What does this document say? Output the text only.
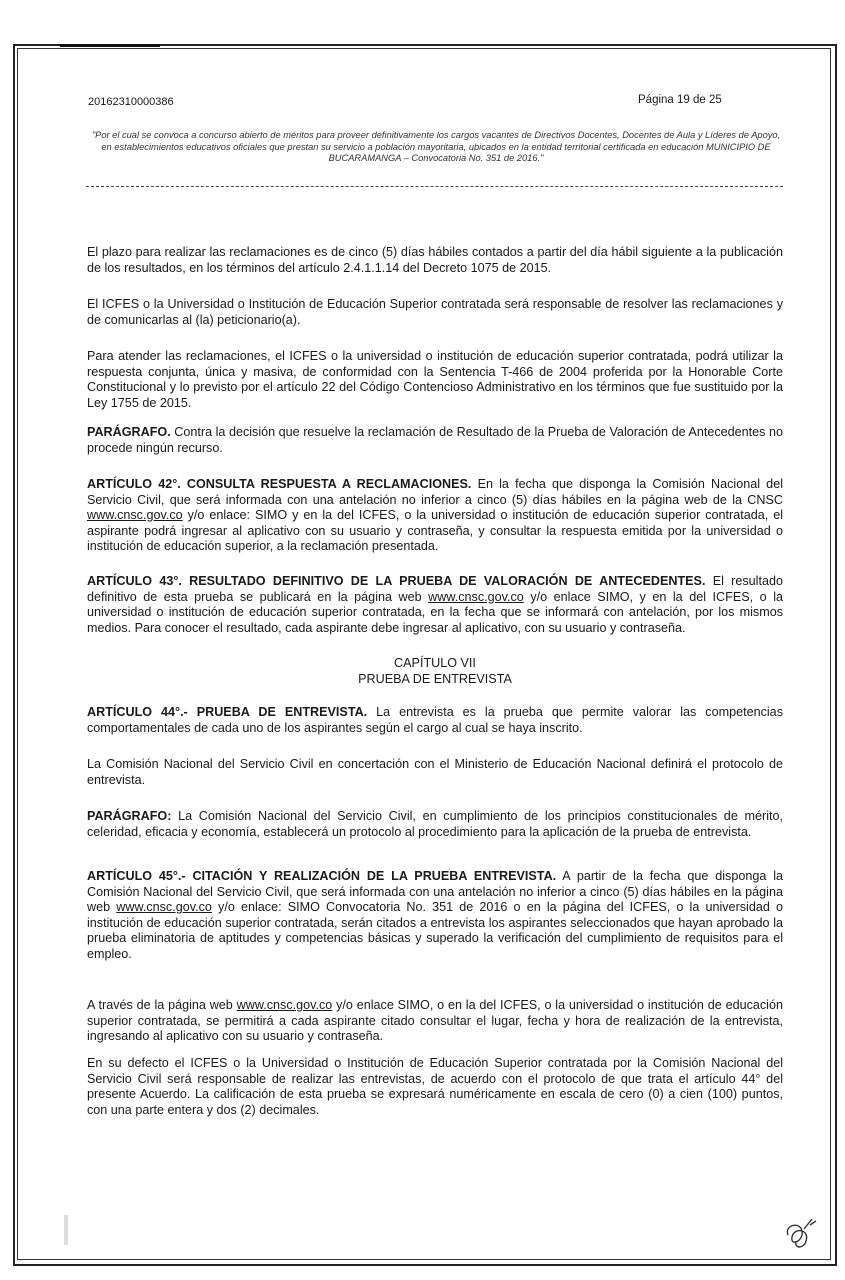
20162310000386	Página 19 de 25
"Por el cual se convoca a concurso abierto de méritos para proveer definitivamente los cargos vacantes de Directivos Docentes, Docentes de Aula y Líderes de Apoyo, en establecimientos educativos oficiales que prestan su servicio a población mayoritaria, ubicados en la entidad territorial certificada en educación MUNICIPIO DE BUCARAMANGA – Convocatoria No. 351 de 2016."
El plazo para realizar las reclamaciones es de cinco (5) días hábiles contados a partir del día hábil siguiente a la publicación de los resultados, en los términos del artículo 2.4.1.1.14 del Decreto 1075 de 2015.
El ICFES o la Universidad o Institución de Educación Superior contratada será responsable de resolver las reclamaciones y de comunicarlas al (la) peticionario(a).
Para atender las reclamaciones, el ICFES o la universidad o institución de educación superior contratada, podrá utilizar la respuesta conjunta, única y masiva, de conformidad con la Sentencia T-466 de 2004 proferida por la Honorable Corte Constitucional y lo previsto por el artículo 22 del Código Contencioso Administrativo en los términos que fue sustituido por la Ley 1755 de 2015.
PARÁGRAFO. Contra la decisión que resuelve la reclamación de Resultado de la Prueba de Valoración de Antecedentes no procede ningún recurso.
ARTÍCULO 42°. CONSULTA RESPUESTA A RECLAMACIONES. En la fecha que disponga la Comisión Nacional del Servicio Civil, que será informada con una antelación no inferior a cinco (5) días hábiles en la página web de la CNSC www.cnsc.gov.co y/o enlace: SIMO y en la del ICFES, o la universidad o institución de educación superior contratada, el aspirante podrá ingresar al aplicativo con su usuario y contraseña, y consultar la respuesta emitida por la universidad o institución de educación superior, a la reclamación presentada.
ARTÍCULO 43°. RESULTADO DEFINITIVO DE LA PRUEBA DE VALORACIÓN DE ANTECEDENTES. El resultado definitivo de esta prueba se publicará en la página web www.cnsc.gov.co y/o enlace SIMO, y en la del ICFES, o la universidad o institución de educación superior contratada, en la fecha que se informará con antelación, por los mismos medios. Para conocer el resultado, cada aspirante debe ingresar al aplicativo, con su usuario y contraseña.
CAPÍTULO VII
PRUEBA DE ENTREVISTA
ARTÍCULO 44°.- PRUEBA DE ENTREVISTA. La entrevista es la prueba que permite valorar las competencias comportamentales de cada uno de los aspirantes según el cargo al cual se haya inscrito.
La Comisión Nacional del Servicio Civil en concertación con el Ministerio de Educación Nacional definirá el protocolo de entrevista.
PARÁGRAFO: La Comisión Nacional del Servicio Civil, en cumplimiento de los principios constitucionales de mérito, celeridad, eficacia y economía, establecerá un protocolo al procedimiento para la aplicación de la prueba de entrevista.
ARTÍCULO 45°.- CITACIÓN Y REALIZACIÓN DE LA PRUEBA ENTREVISTA. A partir de la fecha que disponga la Comisión Nacional del Servicio Civil, que será informada con una antelación no inferior a cinco (5) días hábiles en la página web www.cnsc.gov.co y/o enlace: SIMO Convocatoria No. 351 de 2016 o en la página del ICFES, o la universidad o institución de educación superior contratada, serán citados a entrevista los aspirantes seleccionados que hayan aprobado la prueba eliminatoria de aptitudes y competencias básicas y superado la verificación del cumplimiento de requisitos para el empleo.
A través de la página web www.cnsc.gov.co y/o enlace SIMO, o en la del ICFES, o la universidad o institución de educación superior contratada, se permitirá a cada aspirante citado consultar el lugar, fecha y hora de realización de la entrevista, ingresando al aplicativo con su usuario y contraseña.
En su defecto el ICFES o la Universidad o Institución de Educación Superior contratada por la Comisión Nacional del Servicio Civil será responsable de realizar las entrevistas, de acuerdo con el protocolo de que trata el artículo 44° del presente Acuerdo. La calificación de esta prueba se expresará numéricamente en escala de cero (0) a cien (100) puntos, con una parte entera y dos (2) decimales.
